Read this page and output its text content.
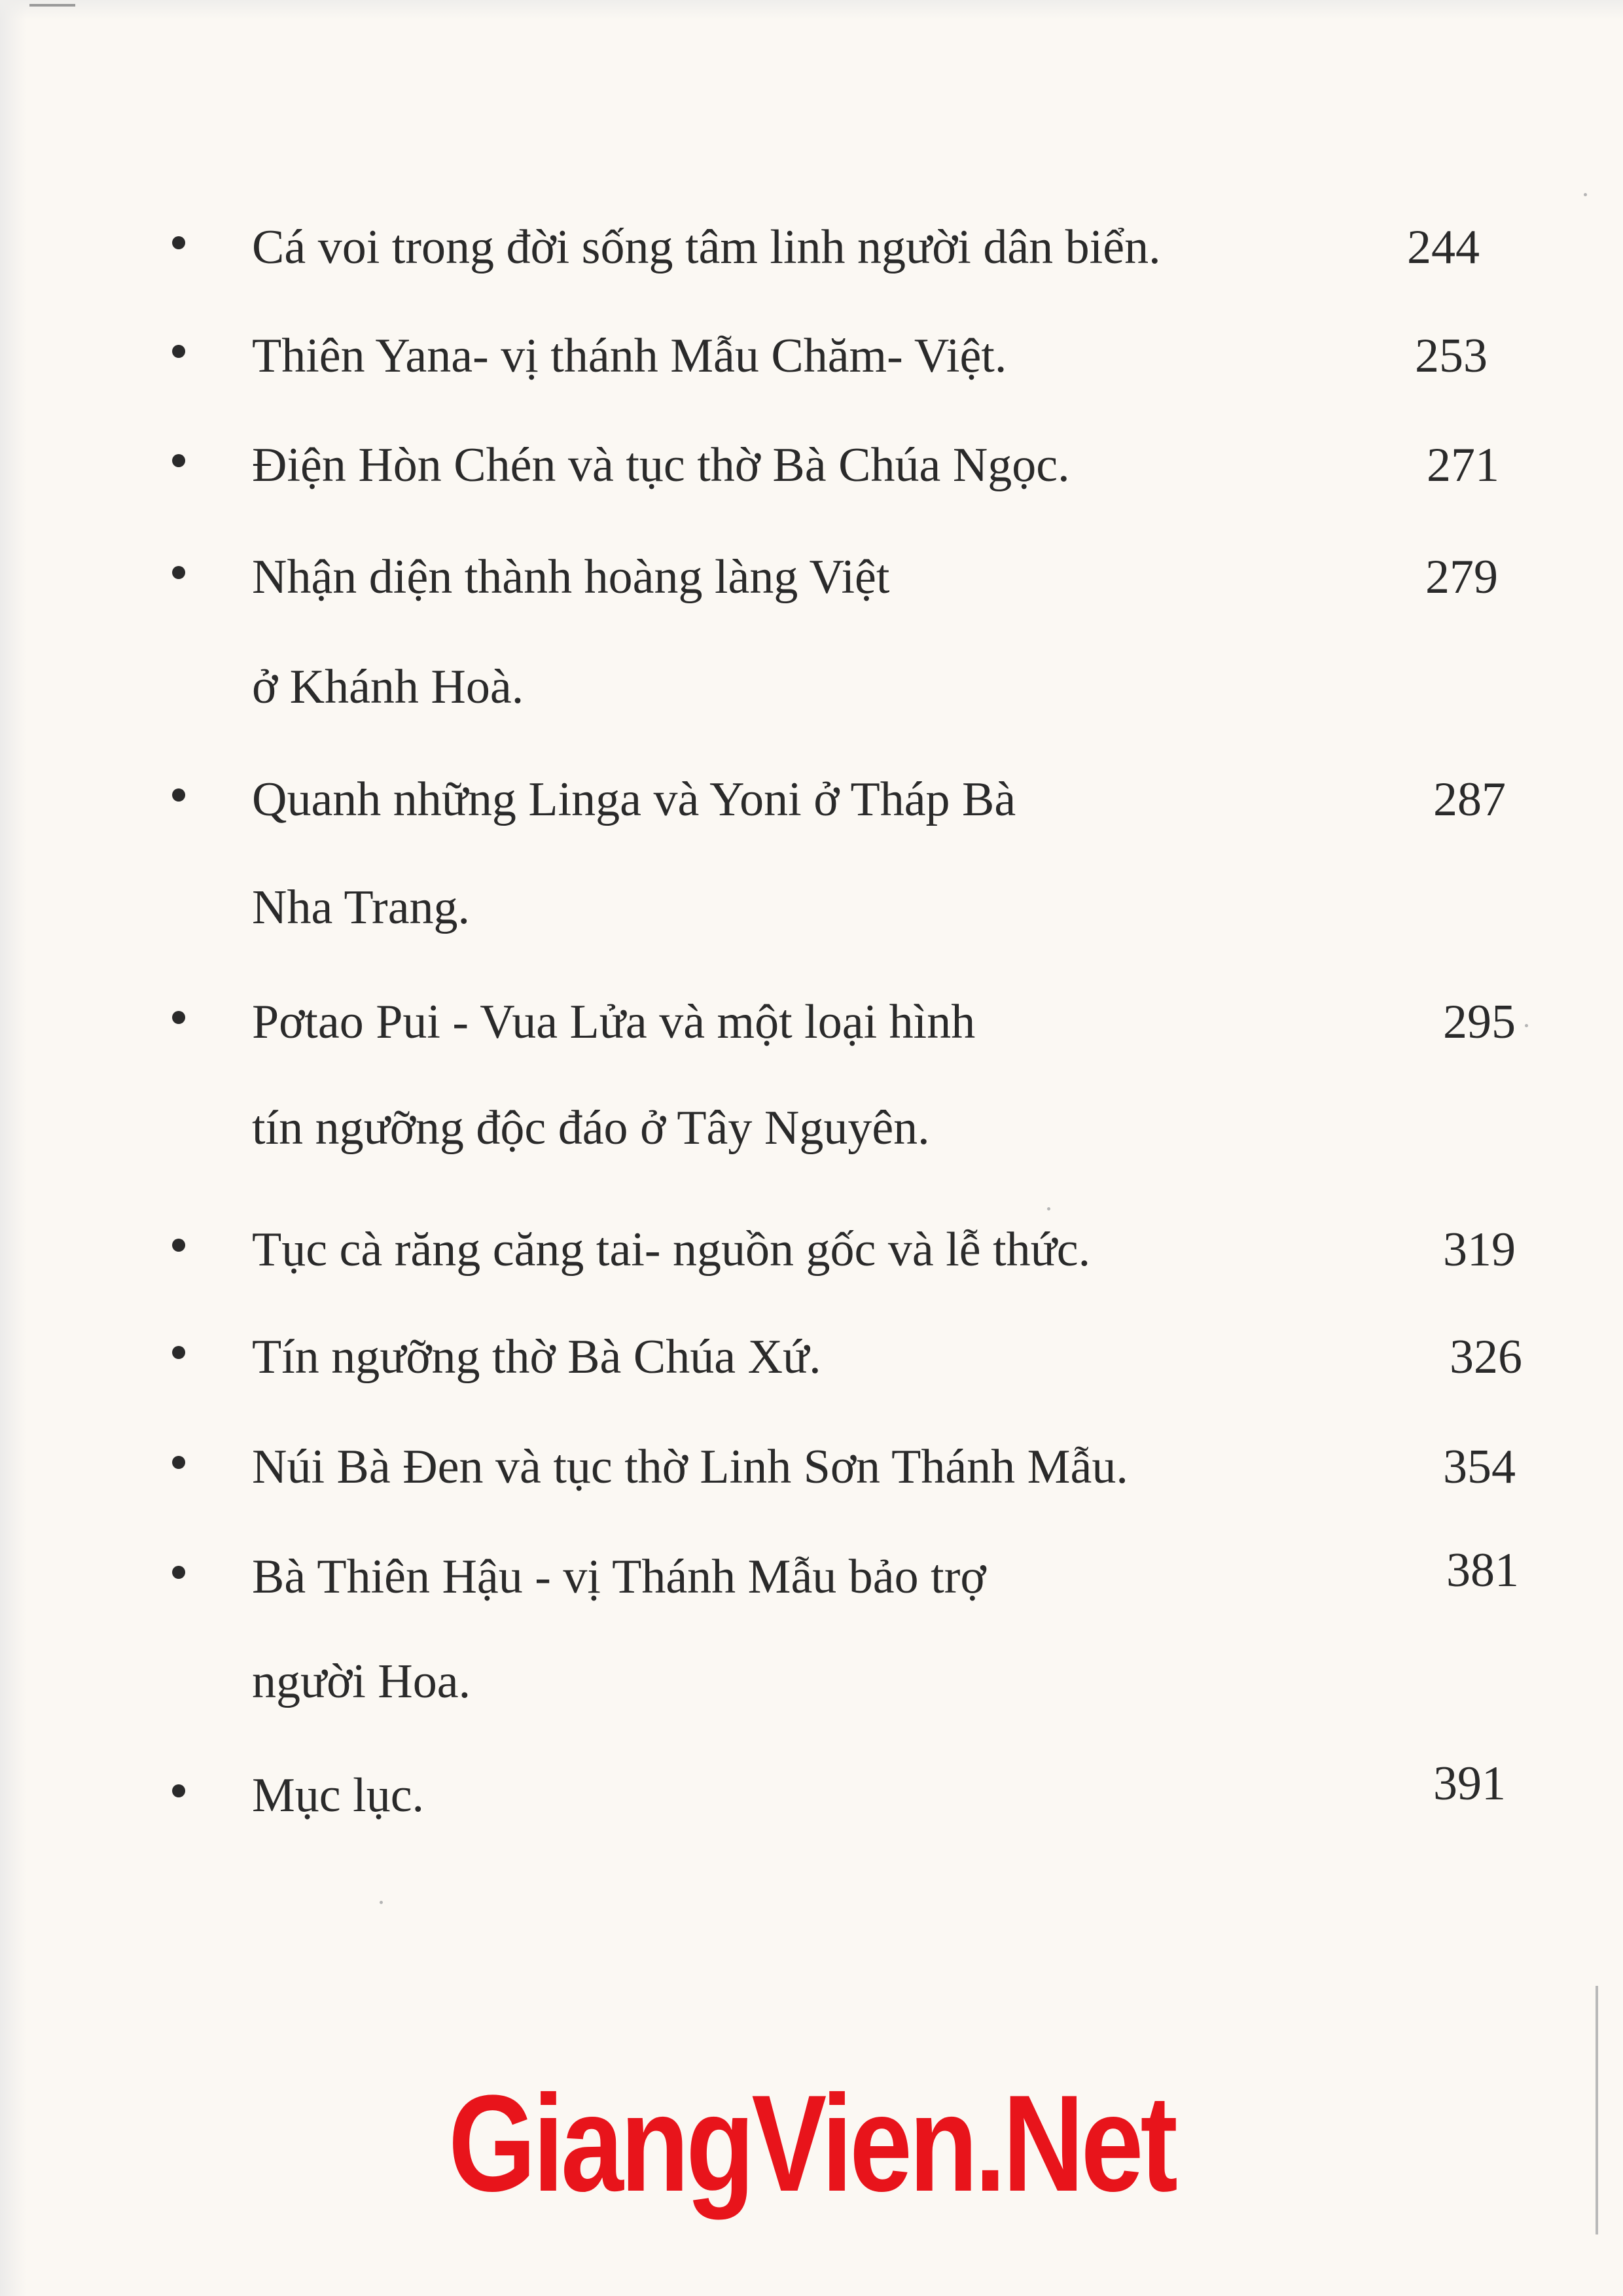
Cá voi trong đời sống tâm linh người dân biển.	244
Thiên Yana- vị thánh Mẫu Chăm- Việt.	253
Điện Hòn Chén và tục thờ Bà Chúa Ngọc.	271
Nhận diện thành hoàng làng Việt	279
ở Khánh Hoà.
Quanh những Linga và Yoni ở Tháp Bà	287
Nha Trang.
Pơtao Pui - Vua Lửa và một loại hình	295
tín ngưỡng độc đáo ở Tây Nguyên.
Tục cà răng căng tai- nguồn gốc và lễ thức.	319
Tín ngưỡng thờ Bà Chúa Xứ.	326
Núi Bà Đen và tục thờ Linh Sơn Thánh Mẫu.	354
Bà Thiên Hậu - vị Thánh Mẫu bảo trợ	381
người Hoa.
Mục lục.	391
GiangVien.Net
